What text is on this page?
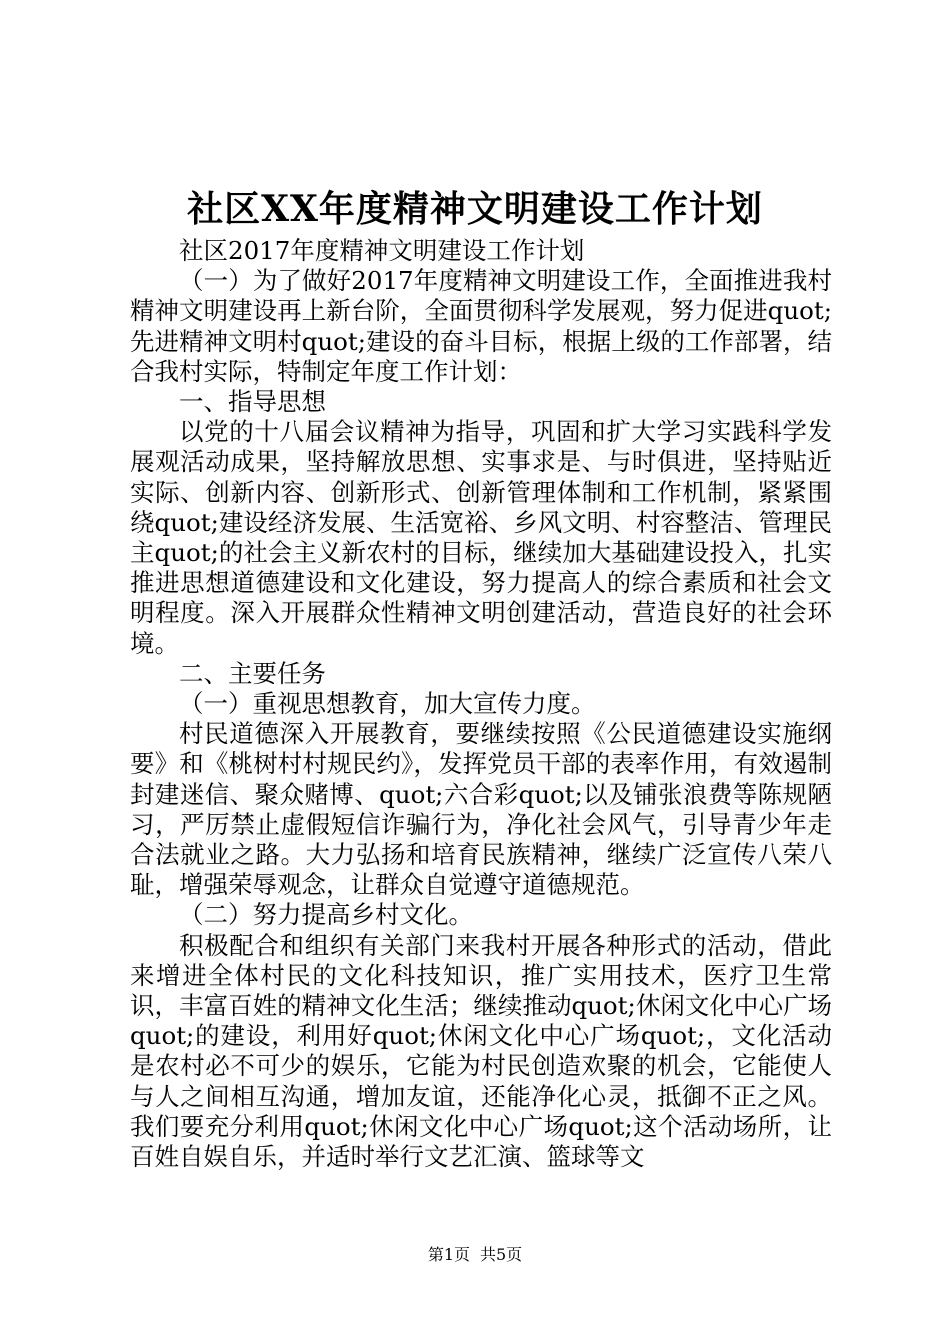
社区XX年度精神文明建设工作计划

社区2017年度精神文明建设工作计划

（一）为了做好2017年度精神文明建设工作，全面推进我村精神文明建设再上新台阶，全面贯彻科学发展观，努力促进quot;先进精神文明村quot;建设的奋斗目标，根据上级的工作部署，结合我村实际，特制定年度工作计划：

一、指导思想

以党的十八届会议精神为指导，巩固和扩大学习实践科学发展观活动成果，坚持解放思想、实事求是、与时俱进，坚持贴近实际、创新内容、创新形式、创新管理体制和工作机制，紧紧围绕quot;建设经济发展、生活宽裕、乡风文明、村容整洁、管理民主quot;的社会主义新农村的目标，继续加大基础建设投入，扎实推进思想道德建设和文化建设，努力提高人的综合素质和社会文明程度。深入开展群众性精神文明创建活动，营造良好的社会环境。

二、主要任务

（一）重视思想教育，加大宣传力度。

村民道德深入开展教育，要继续按照《公民道德建设实施纲要》和《桃树村村规民约》，发挥党员干部的表率作用，有效遏制封建迷信、聚众赌博、quot;六合彩quot;以及铺张浪费等陈规陋习，严厉禁止虚假短信诈骗行为，净化社会风气，引导青少年走合法就业之路。大力弘扬和培育民族精神，继续广泛宣传八荣八耻，增强荣辱观念，让群众自觉遵守道德规范。

（二）努力提高乡村文化。

积极配合和组织有关部门来我村开展各种形式的活动，借此来增进全体村民的文化科技知识，推广实用技术，医疗卫生常识，丰富百姓的精神文化生活；继续推动quot;休闲文化中心广场quot;的建设，利用好quot;休闲文化中心广场quot;，文化活动是农村必不可少的娱乐，它能为村民创造欢聚的机会，它能使人与人之间相互沟通，增加友谊，还能净化心灵，抵御不正之风。我们要充分利用quot;休闲文化中心广场quot;这个活动场所，让百姓自娱自乐，并适时举行文艺汇演、篮球等文

第1页 共5页
